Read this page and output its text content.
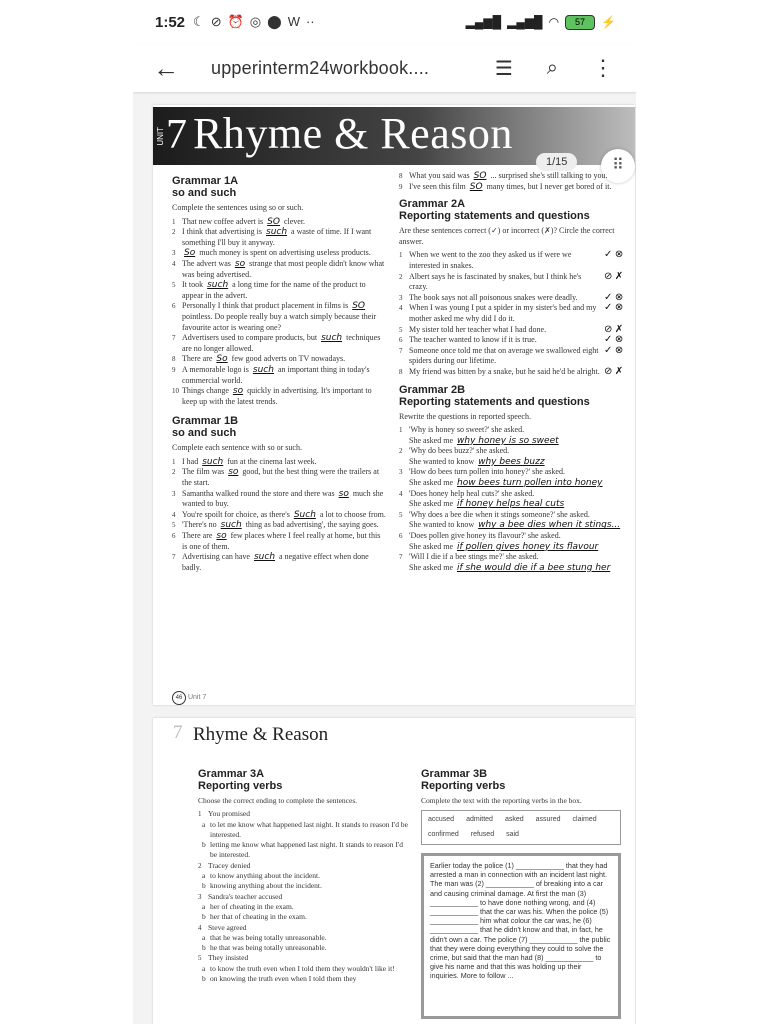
1:52 ☾ ⊘ ⏰ ◎ ⬤ W ··	▂▄▆█ ▂▄▆█ ◠	57	⚡
← upperinterm24workbook....	☰ ⌕ ⋮
UNIT 7 Rhyme & Reason
1/15	⠿
Grammar 1A
so and such
Complete the sentences using so or such.
1 That new coffee advert is SO clever.
2 I think that advertising is such a waste of time. If I want something I'll buy it anyway.
3 So much money is spent on advertising useless products.
4 The advert was so strange that most people didn't know what was being advertised.
5 It took such a long time for the name of the product to appear in the advert.
6 Personally I think that product placement in films is SO pointless. Do people really buy a watch simply because their favourite actor is wearing one?
7 Advertisers used to compare products, but such techniques are no longer allowed.
8 There are So few good adverts on TV nowadays.
9 A memorable logo is such an important thing in today's commercial world.
10 Things change so quickly in advertising. It's important to keep up with the latest trends.
Grammar 1B
so and such
Complete each sentence with so or such.
1 I had such fun at the cinema last week.
2 The film was so good, but the best thing were the trailers at the start.
3 Samantha walked round the store and there was so much she wanted to buy.
4 You're spoilt for choice, as there's Such a lot to choose from.
5 'There's no such thing as bad advertising', the saying goes.
6 There are so few places where I feel really at home, but this is one of them.
7 Advertising can have such a negative effect when done badly.
8 What you said was SO ... surprised she's still talking to you.
9 I've seen this film SO many times, but I never get bored of it.
Grammar 2A
Reporting statements and questions
Are these sentences correct (✓) or incorrect (✗)? Circle the correct answer.
1 When we went to the zoo they asked us if were we interested in snakes.
✓ ⊗
2 Albert says he is fascinated by snakes, but I think he's crazy.
⊘ ✗
3 The book says not all poisonous snakes were deadly.	✓ ⊗
4 When I was young I put a spider in my sister's bed and my mother asked me why did I do it.
✓ ⊗
5 My sister told her teacher what I had done.	⊘ ✗
6 The teacher wanted to know if it is true.	✓ ⊗
7 Someone once told me that on average we swallowed eight spiders during our lifetime.
✓ ⊗
8 My friend was bitten by a snake, but he said he'd be alright. ⊘ ✗
Grammar 2B
Reporting statements and questions
Rewrite the questions in reported speech.
1 'Why is honey so sweet?' she asked.
She asked me why honey is so sweet
2 'Why do bees buzz?' she asked.
She wanted to know why bees buzz
3 'How do bees turn pollen into honey?' she asked.
She asked me how bees turn pollen into honey
4 'Does honey help heal cuts?' she asked.
She asked me if honey helps heal cuts
5 'Why does a bee die when it stings someone?' she asked.
She wanted to know why a bee dies when it stings...
6 'Does pollen give honey its flavour?' she asked.
She asked me if pollen gives honey its flavour
7 'Will I die if a bee stings me?' she asked.
She asked me if she would die if a bee stung her
46 Unit 7
7 Rhyme & Reason
Grammar 3A
Reporting verbs
Choose the correct ending to complete the sentences.
1 You promised
a to let me know what happened last night. It stands to reason I'd be interested.
b letting me know what happened last night. It stands to reason I'd be interested.
2 Tracey denied
a to know anything about the incident.
b knowing anything about the incident.
3 Sandra's teacher accused
a her of cheating in the exam.
b her that of cheating in the exam.
4 Steve agreed
a that he was being totally unreasonable.
b he that was being totally unreasonable.
5 They insisted
a to know the truth even when I told them they wouldn't like it!
b on knowing the truth even when I told them they
Grammar 3B
Reporting verbs
Complete the text with the reporting verbs in the box.
accused admitted asked assured claimed
confirmed refused said
Earlier today the police (1) ____________ that they had arrested a man in connection with an incident last night. The man was (2) ____________ of breaking into a car and causing criminal damage. At first the man (3) ____________ to have done nothing wrong, and (4) ____________ that the car was his. When the police (5) ____________ him what colour the car was, he (6) ____________ that he didn't know and that, in fact, he didn't own a car. The police (7) ____________ the public that they were doing everything they could to solve the crime, but said that the man had (8) ____________ to give his name and that this was holding up their inquiries. More to follow ...
